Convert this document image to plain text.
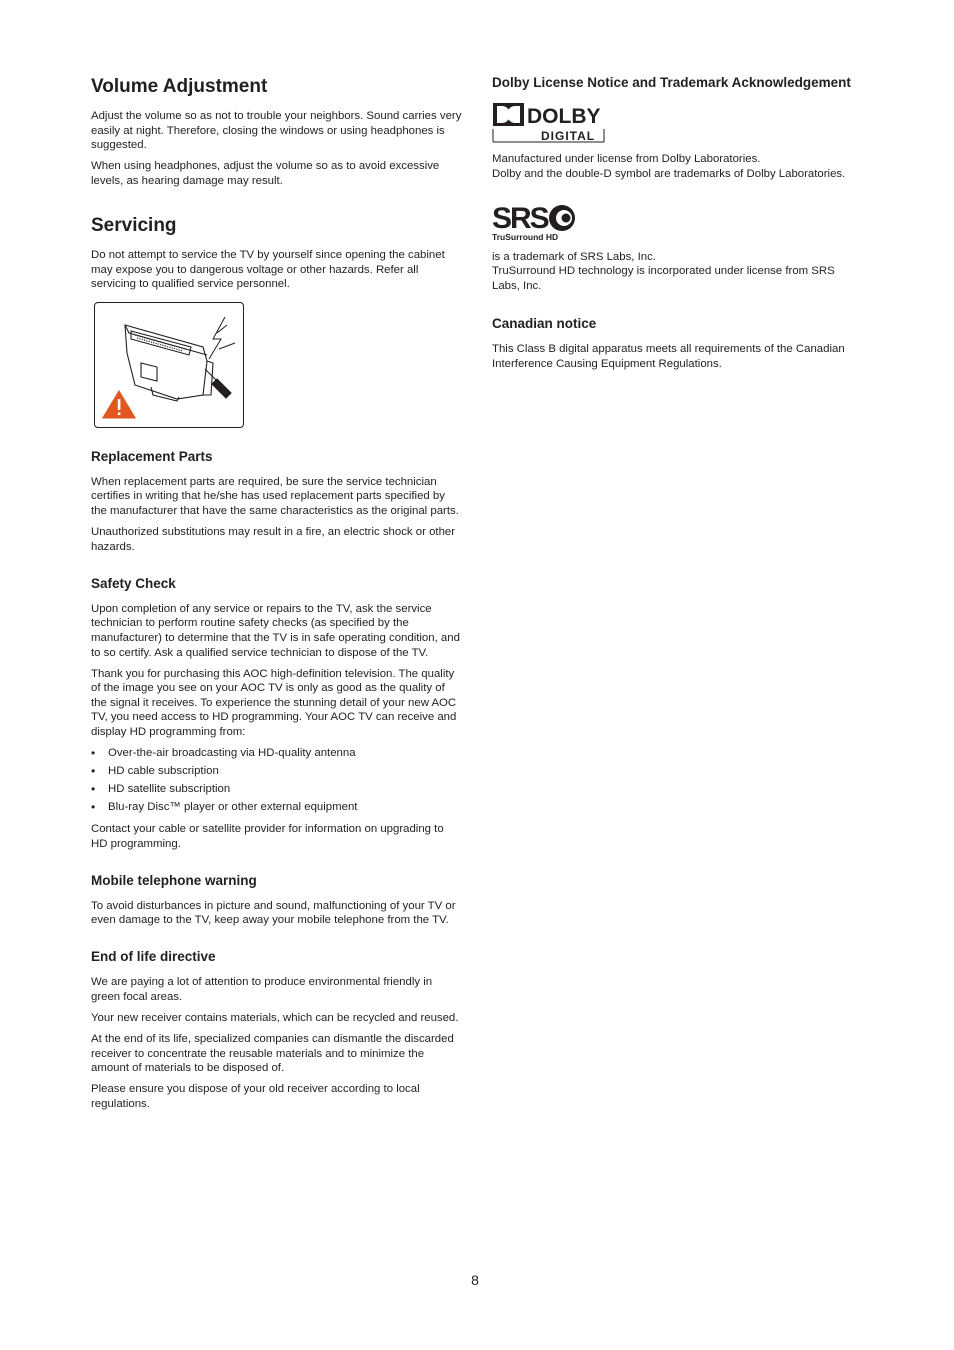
Volume Adjustment

Adjust the volume so as not to trouble your neighbors. Sound carries very easily at night. Therefore, closing the windows or using headphones is suggested.

When using headphones, adjust the volume so as to avoid excessive levels, as hearing damage may result.

Servicing

Do not attempt to service the TV by yourself since opening the cabinet may expose you to dangerous voltage or other hazards. Refer all servicing to qualified service personnel.

Replacement Parts

When replacement parts are required, be sure the service technician certifies in writing that he/she has used replacement parts specified by the manufacturer that have the same characteristics as the original parts.

Unauthorized substitutions may result in a fire, an electric shock or other hazards.

Safety Check

Upon completion of any service or repairs to the TV, ask the service technician to perform routine safety checks (as specified by the manufacturer) to determine that the TV is in safe operating condition, and to so certify. Ask a qualified service technician to dispose of the TV.

Thank you for purchasing this AOC high-definition television. The quality of the image you see on your AOC TV is only as good as the quality of the signal it receives. To experience the stunning detail of your new AOC TV, you need access to HD programming. Your AOC TV can receive and display HD programming from:

• Over-the-air broadcasting via HD-quality antenna
• HD cable subscription
• HD satellite subscription
• Blu-ray Disc™ player or other external equipment

Contact your cable or satellite provider for information on upgrading to HD programming.

Mobile telephone warning

To avoid disturbances in picture and sound, malfunctioning of your TV or even damage to the TV, keep away your mobile telephone from the TV.

End of life directive

We are paying a lot of attention to produce environmental friendly in green focal areas.

Your new receiver contains materials, which can be recycled and reused.

At the end of its life, specialized companies can dismantle the discarded receiver to concentrate the reusable materials and to minimize the amount of materials to be disposed of.

Please ensure you dispose of your old receiver according to local regulations.

Dolby License Notice and Trademark Acknowledgement
DOLBY
DIGITAL

Manufactured under license from Dolby Laboratories.
Dolby and the double-D symbol are trademarks of Dolby Laboratories.

SRS
TruSurround HD

is a trademark of SRS Labs, Inc.
TruSurround HD technology is incorporated under license from SRS Labs, Inc.

Canadian notice

This Class B digital apparatus meets all requirements of the Canadian Interference Causing Equipment Regulations.

8
